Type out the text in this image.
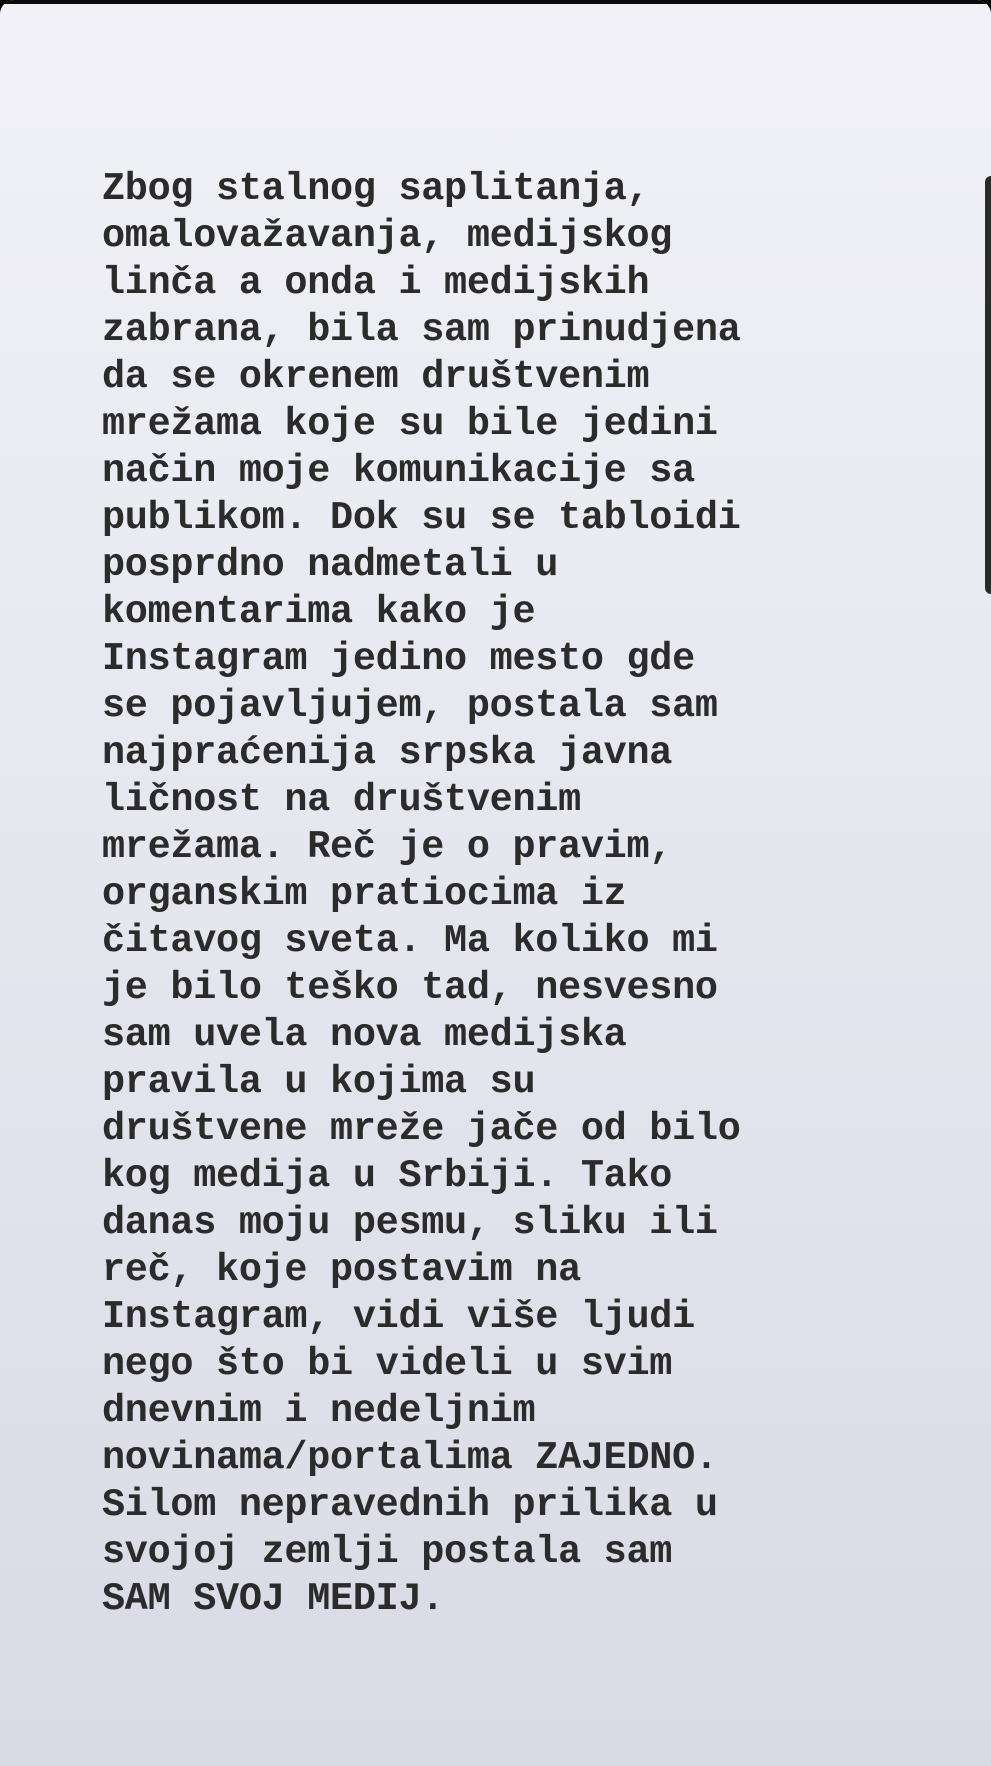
Zbog stalnog saplitanja,
omalovažavanja, medijskog
linča a onda i medijskih
zabrana, bila sam prinudjena
da se okrenem društvenim
mrežama koje su bile jedini
način moje komunikacije sa
publikom. Dok su se tabloidi
posprdno nadmetali u
komentarima kako je
Instagram jedino mesto gde
se pojavljujem, postala sam
najpraćenija srpska javna
ličnost na društvenim
mrežama. Reč je o pravim,
organskim pratiocima iz
čitavog sveta. Ma koliko mi
je bilo teško tad, nesvesno
sam uvela nova medijska
pravila u kojima su
društvene mreže jače od bilo
kog medija u Srbiji. Tako
danas moju pesmu, sliku ili
reč, koje postavim na
Instagram, vidi više ljudi
nego što bi videli u svim
dnevnim i nedeljnim
novinama/portalima ZAJEDNO.
Silom nepravednih prilika u
svojoj zemlji postala sam
SAM SVOJ MEDIJ.
